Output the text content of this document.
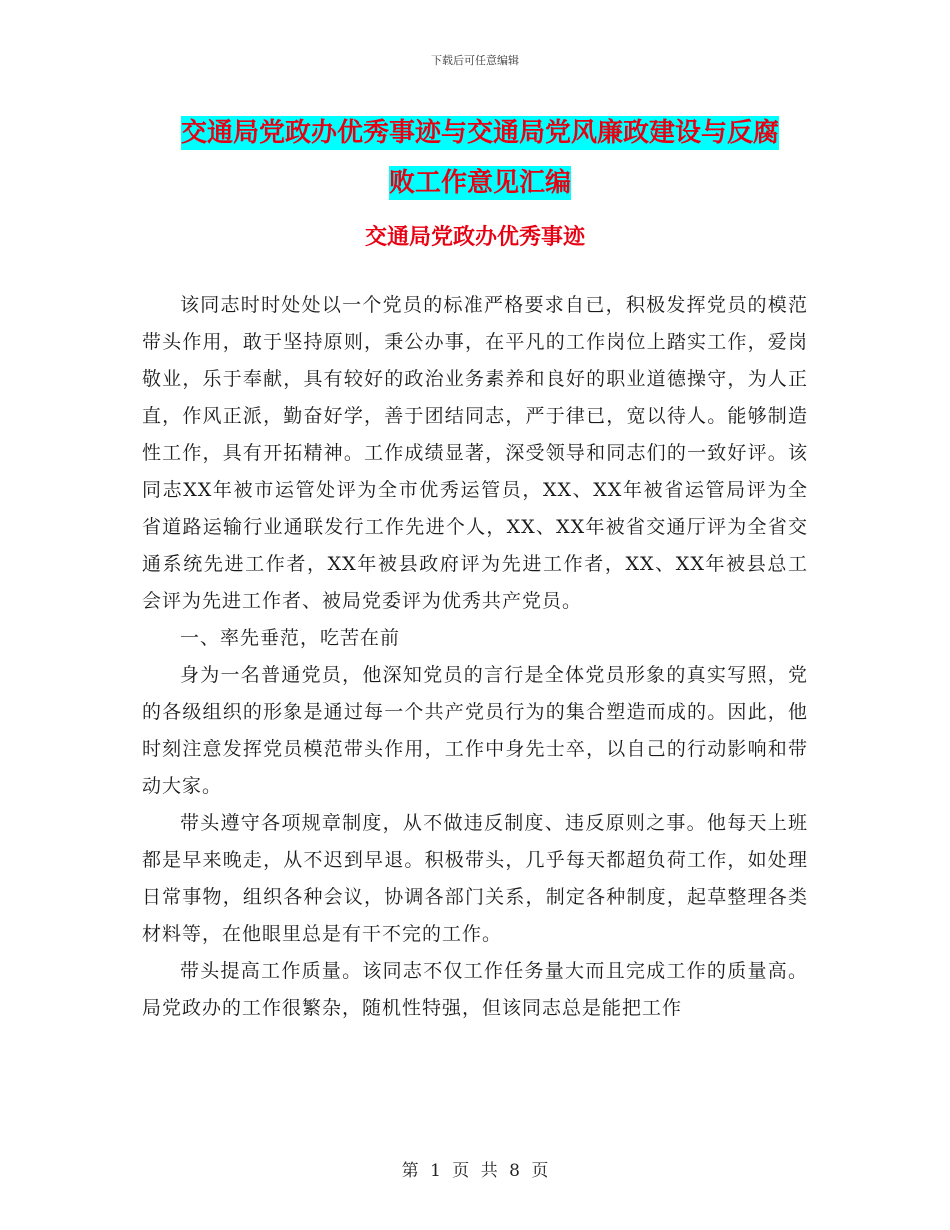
下载后可任意编辑
交通局党政办优秀事迹与交通局党风廉政建设与反腐
败工作意见汇编
交通局党政办优秀事迹

该同志时时处处以一个党员的标准严格要求自已，积极发挥党员的模范带头作用，敢于坚持原则，秉公办事，在平凡的工作岗位上踏实工作，爱岗敬业，乐于奉献，具有较好的政治业务素养和良好的职业道德操守，为人正直，作风正派，勤奋好学，善于团结同志，严于律已，宽以待人。能够制造性工作，具有开拓精神。工作成绩显著，深受领导和同志们的一致好评。该同志XX年被市运管处评为全市优秀运管员，XX、XX年被省运管局评为全省道路运输行业通联发行工作先进个人，XX、XX年被省交通厅评为全省交通系统先进工作者，XX年被县政府评为先进工作者，XX、XX年被县总工会评为先进工作者、被局党委评为优秀共产党员。

一、率先垂范，吃苦在前

身为一名普通党员，他深知党员的言行是全体党员形象的真实写照，党的各级组织的形象是通过每一个共产党员行为的集合塑造而成的。因此，他时刻注意发挥党员模范带头作用，工作中身先士卒，以自己的行动影响和带动大家。

带头遵守各项规章制度，从不做违反制度、违反原则之事。他每天上班都是早来晚走，从不迟到早退。积极带头，几乎每天都超负荷工作，如处理日常事物，组织各种会议，协调各部门关系，制定各种制度，起草整理各类材料等，在他眼里总是有干不完的工作。

带头提高工作质量。该同志不仅工作任务量大而且完成工作的质量高。局党政办的工作很繁杂，随机性特强，但该同志总是能把工作

第 1 页 共 8 页
